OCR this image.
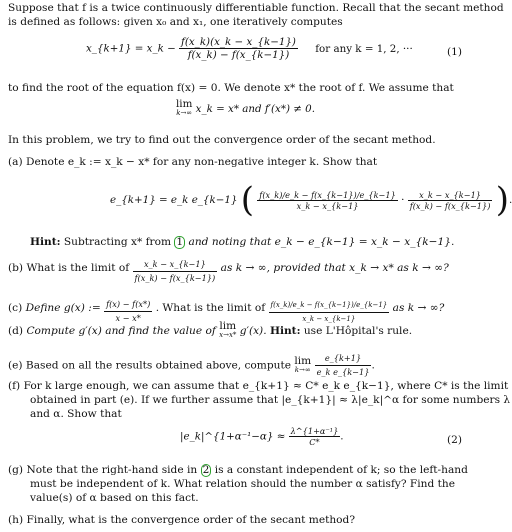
Suppose that f is a twice continuously differentiable function. Recall that the secant method
is defined as follows: given x₀ and x₁, one iteratively computes
x_{k+1} = x_k − $\frac{f(x\_k)(x\_k - x\_\{k-1\})}{f(x\_k) - f(x\_\{k-1\})}$ for any k = 1, 2, ···	(1)
to find the root of the equation f(x) = 0. We denote x* the root of f. We assume that
lim
k→∞ x_k = x* and f′(x*) ≠ 0.
In this problem, we try to find out the convergence order of the secant method.
(a) Denote e_k := x_k − x* for any non-negative integer k. Show that
e_{k+1} = e_k e_{k−1} ( $\frac{f(x\_k)/e\_k - f(x\_\{k-1\})/e\_\{k-1\}}{x\_k - x\_\{k-1\}} \cdot \frac{x\_k - x\_\{k-1\}}{f(x\_k) - f(x\_\{k-1\})}$ ).
Hint: Subtracting x* from 1 and noting that e_k − e_{k−1} = x_k − x_{k−1}.
(b) What is the limit of $\frac{x\_k - x\_\{k-1\}}{f(x\_k) - f(x\_\{k-1\})}$ as k → ∞, provided that x_k → x* as k → ∞?
(c) Define g(x) := $\frac{f(x) - f(x*)}{x - x*}$ . What is the limit of $\frac{f(x\_k)/e\_k - f(x\_\{k-1\})/e\_\{k-1\}}{x\_k - x\_\{k-1\}}$ as k → ∞?
(d) Compute g′(x) and find the value of lim
x→x* g′(x). Hint: use L'Hôpital's rule.
(e) Based on all the results obtained above, compute lim
k→∞
$\frac{e\_\{k+1\}}{\text{e\_k e\_\{k−1\}}}$ .
(f) For k large enough, we can assume that e_{k+1} ≈ C* e_k e_{k−1}, where C* is the limit
obtained in part (e). If we further assume that |e_{k+1}| ≈ λ|e_k|^α for some numbers λ
and α. Show that
|e_k|^{1+α⁻¹−α} ≈ $\frac{\text{λ\textasciicircum{}\{1+α⁻¹\}}}{C*}$ .	(2)
(g) Note that the right-hand side in 2 is a constant independent of k; so the left-hand
must be independent of k. What relation should the number α satisfy? Find the
value(s) of α based on this fact.
(h) Finally, what is the convergence order of the secant method?
